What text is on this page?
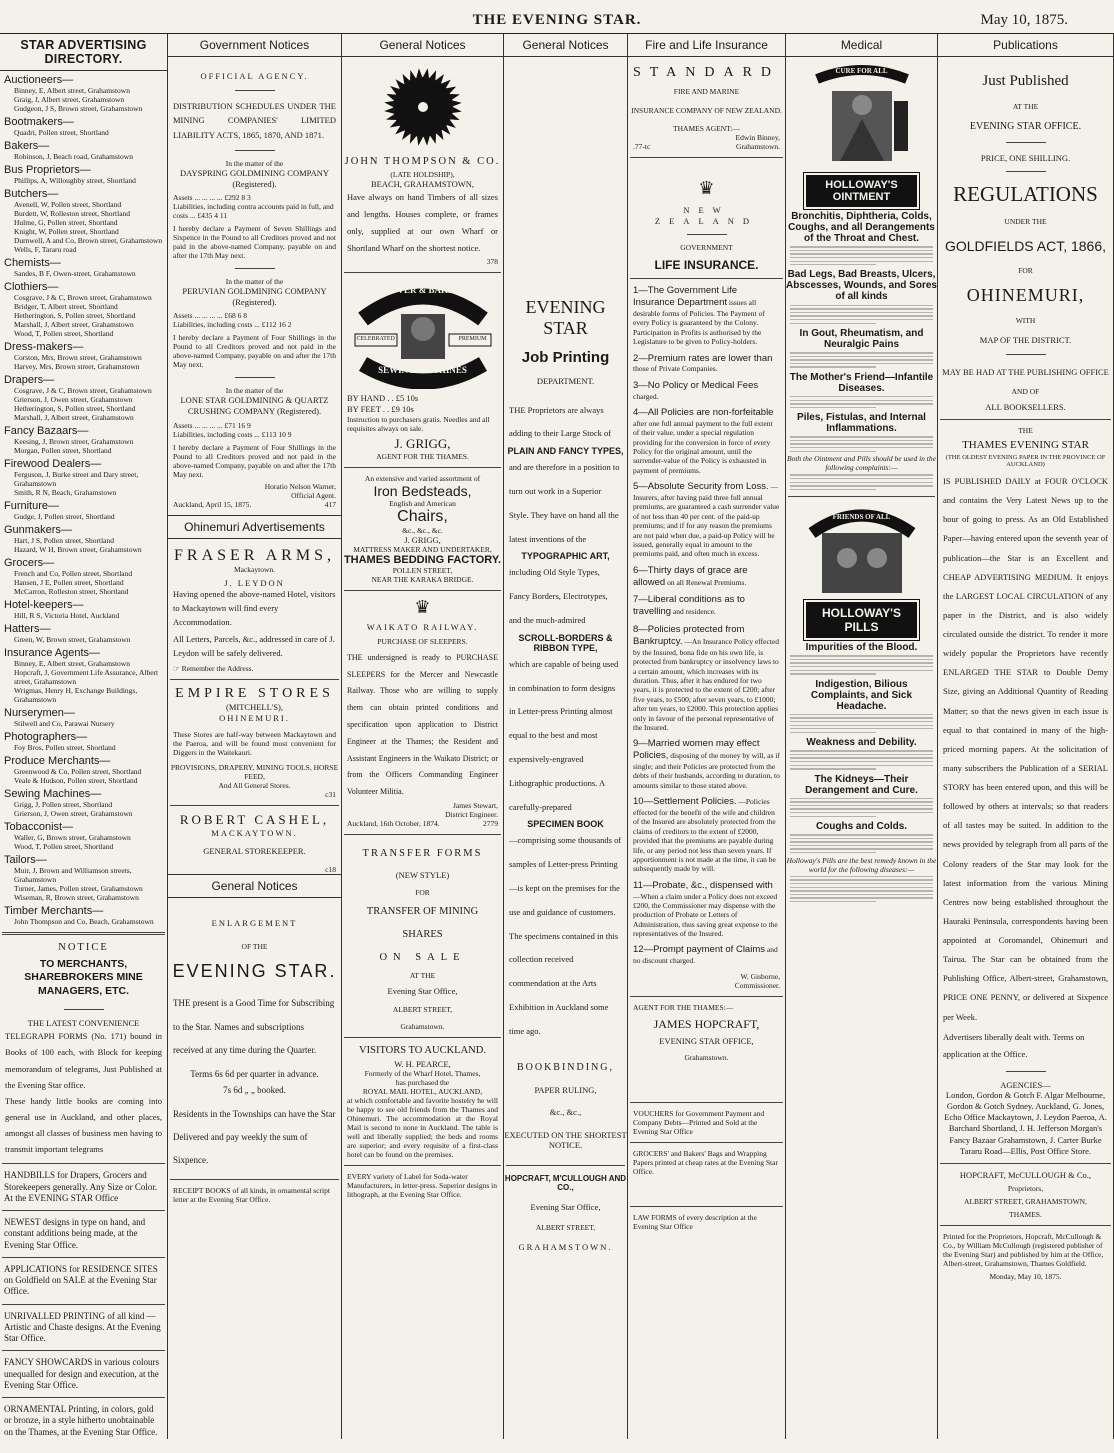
THE EVENING STAR.	May 10, 1875.
STAR ADVERTISING DIRECTORY.
Auctioneers—
Binney, E, Albert street, Grahamstown
Graig, J, Albert street, Grahamstown
Gudgeon, J S, Brown street, Grahamstown
Bootmakers—
Quadri, Pollen street, Shortland
Bakers—
Robinson, J, Beach road, Grahamstown
Bus Proprietors—
Phillips, A, Willoughby street, Shortland
Butchers—
Avenell, W, Pollen street, Shortland
Burdett, W, Rolleston street, Shortland
Hulme, G, Pollen street, Shortland
Knight, W, Pollen street, Shortland
Durnwell, A and Co, Brown street, Grahamstown
Wells, F, Tararu road
Chemists—
Sandes, B F, Owen-street, Grahamstown
Clothiers—
Cosgrave, J & C, Brown street, Grahamstown
Bridger, T, Albert street, Shortland
Hetherington, S, Pollen street, Shortland
Marshall, J, Albert street, Grahamstown
Wood, T, Pollen street, Shortland
Dress-makers—
Corston, Mrs, Brown street, Grahamstown
Harvey, Mrs, Brown street, Grahamstown
Drapers—
Cosgrave, J & C, Brown street, Grahamstown
Grierson, J, Owen street, Grahamstown
Hetherington, S, Pollen street, Shortland
Marshall, J, Albert street, Grahamstown
Fancy Bazaars—
Keesing, J, Brown street, Grahamstown
Morgan, Pollen street, Shortland
Firewood Dealers—
Ferguson, J, Burke street and Dary street, Grahamstown
Smith, R N, Beach, Grahamstown
Furniture—
Gudge, J, Pollen street, Shortland
Gunmakers—
Hart, J S, Pollen street, Shortland
Hazard, W H, Brown street, Grahamstown
Grocers—
French and Co, Pollen street, Shortland
Hansen, J E, Pollen street, Shortland
McCarron, Rolleston street, Shortland
Hotel-keepers—
Hill, R S, Victoria Hotel, Auckland
Hatters—
Green, W, Brown street, Grahamstown
Insurance Agents—
Binney, E, Albert street, Grahamstown
Hopcraft, J, Government Life Assurance, Albert street, Grahamstown
Wrigmas, Henry H, Exchange Buildings, Grahamstown
Nurserymen—
Stilwell and Co, Parawai Nursery
Photographers—
Foy Bros, Pollen street, Shortland
Produce Merchants—
Greenwood & Co, Pollen street, Shortland
Veale & Hudson, Pollen street, Shortland
Sewing Machines—
Grigg, J, Pollen street, Shortland
Grierson, J, Owen street, Grahamstown
Tobacconist—
Waller, G, Brown street, Grahamstown
Wood, T, Pollen street, Shortland
Tailors—
Muir, J, Brown and Williamson streets, Grahamstown
Turner, James, Pollen street, Grahamstown
Wiseman, R, Brown street, Grahamstown
Timber Merchants—
John Thompson and Co, Beach, Grahamstown
NOTICE
TO MERCHANTS, SHAREBROKERS MINE MANAGERS, ETC.
THE LATEST CONVENIENCE
TELEGRAPH FORMS (No. 171) bound in Books of 100 each, with Block for keeping memorandum of telegrams, Just Published at the Evening Star office.
These handy little books are coming into general use in Auckland, and other places, amongst all classes of business men having to transmit important telegrams
HANDBILLS for Drapers, Grocers and Storekeepers generally. Any Size or Color. At the EVENING STAR Office
NEWEST designs in type on hand, and constant additions being made, at the Evening Star Office.
APPLICATIONS for RESIDENCE SITES on Goldfield on SALE at the Evening Star Office.
UNRIVALLED PRINTING of all kind —Artistic and Chaste designs. At the Evening Star Office.
FANCY SHOWCARDS in various colours unequalled for design and execution, at the Evening Star Office.
ORNAMENTAL Printing, in colors, gold or bronze, in a style hitherto unobtainable on the Thames, at the Evening Star Office.
Government Notices
OFFICIAL AGENCY.
DISTRIBUTION SCHEDULES UNDER THE MINING COMPANIES' LIMITED LIABILITY ACTS, 1865, 1870, AND 1871.
In the matter of the
DAYSPRING GOLDMINING COMPANY (Registered).
Assets ... ... ... ... £292 8 3
Liabilities, including contra accounts paid in full, and costs ... £435 4 11
I hereby declare a Payment of Seven Shillings and Sixpence in the Pound to all Creditors proved and not paid in the above-named Company, payable on and after the 17th May next.
In the matter of the
PERUVIAN GOLDMINING COMPANY (Registered).
Assets ... ... ... ... £68 6 8
Liabilities, including costs ... £112 16 2
I hereby declare a Payment of Four Shillings in the Pound to all Creditors proved and not paid in the above-named Company, payable on and after the 17th May next.
In the matter of the
LONE STAR GOLDMINING & QUARTZ CRUSHING COMPANY (Registered).
Assets ... ... ... ... £71 16 9
Liabilities, including costs ... £113 10 9
I hereby declare a Payment of Four Shillings in the Pound to all Creditors proved and not paid in the above-named Company, payable on and after the 17th May next.
Horatio Nelson Warner,
Official Agent.
Auckland, April 15, 1875.	417
Ohinemuri Advertisements
FRASER ARMS,
Mackaytown.
J. LEYDON
Having opened the above-named Hotel, visitors to Mackaytown will find every Accommodation.
All Letters, Parcels, &c., addressed in care of J. Leydon will be safely delivered.
☞ Remember the Address.
EMPIRE STORES
(MITCHELL'S),
OHINEMURI.
These Stores are half-way between Mackaytown and the Paeroa, and will be found most convenient for Diggers in the Waitekauri.
PROVISIONS, DRAPERY, MINING TOOLS, HORSE FEED,
And All General Stores.
c31
ROBERT CASHEL,
MACKAYTOWN.
GENERAL STOREKEEPER.
c18
General Notices
ENLARGEMENT
OF THE
EVENING STAR.
THE present is a Good Time for Subscribing to the Star. Names and subscriptions received at any time during the Quarter.
Terms 6s 6d per quarter in advance.
7s 6d „ „ booked.
Residents in the Townships can have the Star Delivered and pay weekly the sum of Sixpence.
RECEIPT BOOKS of all kinds, in ornamental script letter at the Evening Star Office.
General Notices
JOHN THOMPSON & CO.
(LATE HOLDSHIP),
BEACH, GRAHAMSTOWN,
Have always on hand Timbers of all sizes and lengths. Houses complete, or frames only, supplied at our own Wharf or Shortland Wharf on the shortest notice.
378
GROVER & BAKER'S
CELEBRATED	PREMIUM
SEWING MACHINES
BY HAND . . £5 10s
BY FEET . . £9 10s
Instruction to purchasers gratis. Needles and all requisites always on sale.
J. GRIGG,
AGENT FOR THE THAMES.
An extensive and varied assortment of
Iron Bedsteads,
English and American
Chairs,
&c., &c., &c.
J. GRIGG,
MATTRESS MAKER AND UNDERTAKER,
THAMES BEDDING FACTORY.
POLLEN STREET,
NEAR THE KARAKA BRIDGE.
♛
WAIKATO RAILWAY.
PURCHASE OF SLEEPERS.
THE undersigned is ready to PURCHASE SLEEPERS for the Mercer and Newcastle Railway. Those who are willing to supply them can obtain printed conditions and specification upon application to District Engineer at the Thames; the Resident and Assistant Engineers in the Waikato District; or from the Officers Commanding Engineer Volunteer Militia.
James Stewart,
District Engineer.
Auckland, 16th October, 1874.	2779
TRANSFER FORMS
(NEW STYLE)
FOR
TRANSFER OF MINING
SHARES
ON SALE
AT THE
Evening Star Office,
ALBERT STREET,
Grahamstown.
VISITORS TO AUCKLAND.
W. H. PEARCE,
Formerly of the Wharf Hotel, Thames,
has purchased the
ROYAL MAIL HOTEL, AUCKLAND,
at which comfortable and favorite hostelry he will be happy to see old friends from the Thames and Ohinemuri. The accommodation at the Royal Mail is second to none in Auckland. The table is well and liberally supplied; the beds and rooms are superior; and every requisite of a first-class hotel can be found on the premises.
EVERY variety of Label for Soda-water Manufacturers, in letter-press. Superior designs in lithograph, at the Evening Star Office.
General Notices
EVENING STAR
Job Printing
DEPARTMENT.
THE Proprietors are always adding to their Large Stock of
PLAIN AND FANCY TYPES,
and are therefore in a position to turn out work in a Superior Style. They have on hand all the latest inventions of the
TYPOGRAPHIC ART,
including Old Style Types, Fancy Borders, Electrotypes, and the much-admired
SCROLL-BORDERS & RIBBON TYPE,
which are capable of being used in combination to form designs in Letter-press Printing almost equal to the best and most expensively-engraved Lithographic productions. A carefully-prepared
SPECIMEN BOOK
—comprising some thousands of samples of Letter-press Printing—is kept on the premises for the use and guidance of customers. The specimens contained in this collection received commendation at the Arts Exhibition in Auckland some time ago.
BOOKBINDING,
PAPER RULING,
&c., &c.,
EXECUTED ON THE SHORTEST NOTICE.
HOPCRAFT, M'CULLOUGH AND CO.,
Evening Star Office,
ALBERT STREET,
GRAHAMSTOWN.
Fire and Life Insurance
STANDARD
FIRE AND MARINE
INSURANCE COMPANY OF NEW ZEALAND.
THAMES AGENT:—
Edwin Binney,
.77-tc	Grahamstown.
♛
NEW ZEALAND
GOVERNMENT
LIFE INSURANCE.
1—The Government Life Insurance Department issues all desirable forms of Policies. The Payment of every Policy is guaranteed by the Colony. Participation in Profits is authorised by the Legislature to be given to Policy-holders.
2—Premium rates are lower than those of Private Companies.
3—No Policy or Medical Fees charged.
4—All Policies are non-forfeitable after one full annual payment to the full extent of their value, under a special regulation providing for the conversion in force of every Policy for the original amount, until the surrender-value of the Policy is exhausted in payment of premiums.
5—Absolute Security from Loss. —Insurers, after having paid three full annual premiums, are guaranteed a cash surrender value of not less than 40 per cent. of the paid-up premiums; and if for any reason the premiums are not paid when due, a paid-up Policy will be issued, generally equal in amount to the premiums paid, and often much in excess.
6—Thirty days of grace are allowed on all Renewal Premiums.
7—Liberal conditions as to travelling and residence.
8—Policies protected from Bankruptcy. —An Insurance Policy effected by the Insured, bona fide on his own life, is protected from bankruptcy or insolvency laws to a certain amount, which increases with its duration. Thus, after it has endured for two years, it is protected to the extent of £200; after five years, to £500; after seven years, to £1000; after ten years, to £2000. This protection applies only in favour of the personal representative of the Insured.
9—Married women may effect Policies, disposing of the money by will, as if single; and their Policies are protected from the debts of their husbands, according to duration, to amounts similar to those stated above.
10—Settlement Policies. —Policies effected for the benefit of the wife and children of the Insured are absolutely protected from the claims of creditors to the extent of £2000, provided that the premiums are payable during life, or any period not less than seven years. If apportionment is not made at the time, it can be subsequently made by will.
11—Probate, &c., dispensed with —When a claim under a Policy does not exceed £200, the Commissioner may dispense with the production of Probate or Letters of Administration, thus saving great expense to the representatives of the Insured.
12—Prompt payment of Claims and no discount charged.
W. Gisborne,
Commissioner.
AGENT FOR THE THAMES:—
JAMES HOPCRAFT,
EVENING STAR OFFICE,
Grahamstown.
VOUCHERS for Government Payment and Company Debts—Printed and Sold at the Evening Star Office
GROCERS' and Bakers' Bags and Wrapping Papers printed at cheap rates at the Evening Star Office.
LAW FORMS of every description at the Evening Star Office
Medical
CURE FOR ALL
HOLLOWAY'S OINTMENT
Bronchitis, Diphtheria, Colds, Coughs, and all Derangements of the Throat and Chest.
Bad Legs, Bad Breasts, Ulcers, Abscesses, Wounds, and Sores of all kinds
In Gout, Rheumatism, and Neuralgic Pains
The Mother's Friend—Infantile Diseases.
Piles, Fistulas, and Internal Inflammations.
Both the Ointment and Pills should be used in the following complaints:—
FRIENDS OF ALL
HOLLOWAY'S PILLS
Impurities of the Blood.
Indigestion, Bilious Complaints, and Sick Headache.
Weakness and Debility.
The Kidneys—Their Derangement and Cure.
Coughs and Colds.
Holloway's Pills are the best remedy known in the world for the following diseases:—
Publications
Just Published
AT THE
EVENING STAR OFFICE.
PRICE, ONE SHILLING.
REGULATIONS
UNDER THE
GOLDFIELDS ACT, 1866,
FOR
OHINEMURI,
WITH
MAP OF THE DISTRICT.
MAY BE HAD AT THE PUBLISHING OFFICE
AND OF
ALL BOOKSELLERS.
THE
THAMES EVENING STAR
(THE OLDEST EVENING PAPER IN THE PROVINCE OF AUCKLAND)
IS PUBLISHED DAILY at FOUR O'CLOCK and contains the Very Latest News up to the hour of going to press. As an Old Established Paper—having entered upon the seventh year of publication—the Star is an Excellent and CHEAP ADVERTISING MEDIUM. It enjoys the LARGEST LOCAL CIRCULATION of any paper in the District, and is also widely circulated outside the district. To render it more widely popular the Proprietors have recently ENLARGED THE STAR to Double Demy Size, giving an Additional Quantity of Reading Matter; so that the news given in each issue is equal to that contained in many of the high-priced morning papers. At the solicitation of many subscribers the Publication of a SERIAL STORY has been entered upon, and this will be followed by others at intervals; so that readers of all tastes may be suited. In addition to the news provided by telegraph from all parts of the Colony readers of the Star may look for the latest information from the various Mining Centres now being established throughout the Hauraki Peninsula, correspondents having been appointed at Coromandel, Ohinemuri and Tairua. The Star can be obtained from the Publishing Office, Albert-street, Grahamstown, PRICE ONE PENNY, or delivered at Sixpence per Week.
Advertisers liberally dealt with. Terms on application at the Office.
AGENCIES—
London, Gordon & Gotch F. Algar Melbourne, Gordon & Gotch Sydney. Auckland, G. Jones, Echo Office Mackaytown, J. Leydon Paeroa, A. Barchard Shortland, J. H. Jefferson Morgan's Fancy Bazaar Grahamstown, J. Carter Burke Tararu Road—Ellis, Post Office Store.
HOPCRAFT, McCULLOUGH & Co.,
Proprietors,
ALBERT STREET, GRAHAMSTOWN,
THAMES.
Printed for the Proprietors, Hopcraft, McCullough & Co., by William McCullough (registered publisher of the Evening Star) and published by him at the Office, Albert-street, Grahamstown, Thames Goldfield.
Monday, May 10, 1875.
